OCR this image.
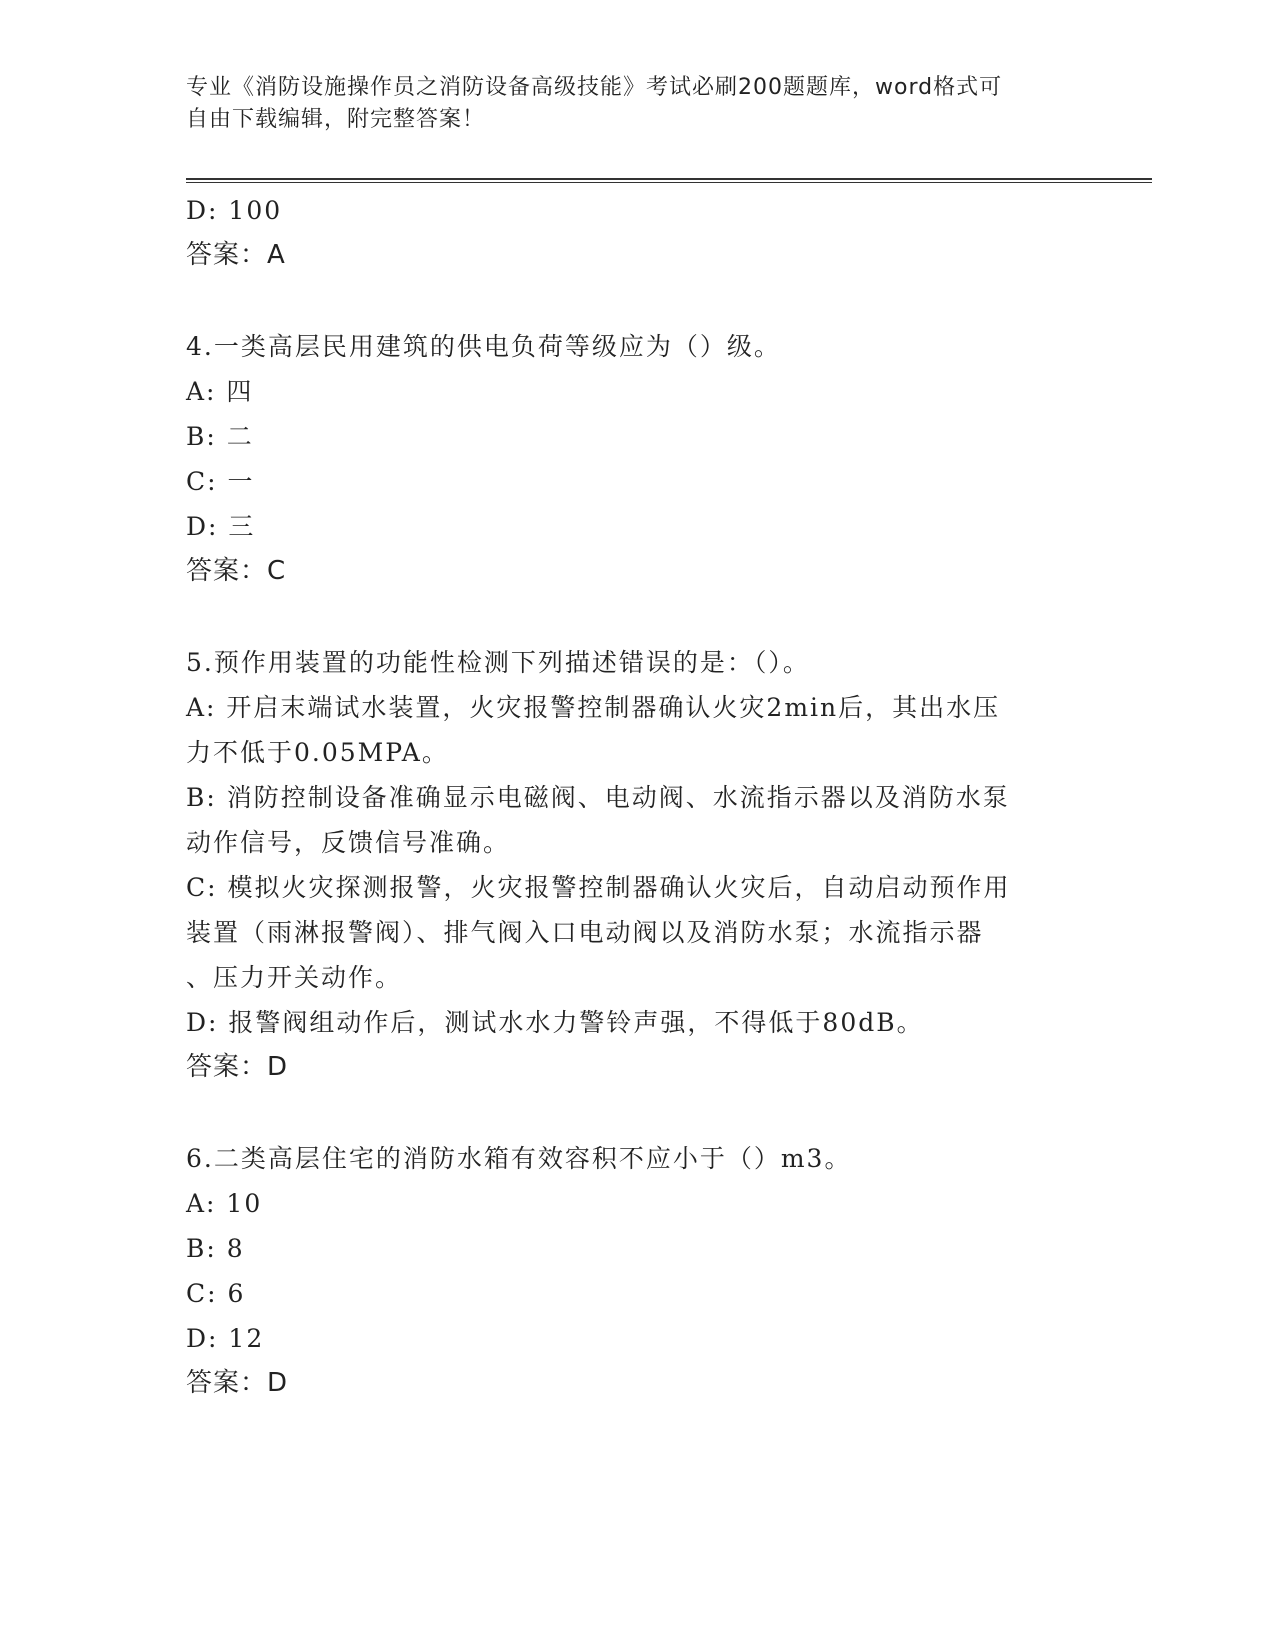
专业《消防设施操作员之消防设备高级技能》考试必刷200题题库，word格式可
自由下载编辑，附完整答案！
D: 100
答案：A
4.一类高层民用建筑的供电负荷等级应为（）级。
A: 四
B: 二
C: 一
D: 三
答案：C
5.预作用装置的功能性检测下列描述错误的是：（）。
A: 开启末端试水装置，火灾报警控制器确认火灾2min后，其出水压
力不低于0.05MPA。
B: 消防控制设备准确显示电磁阀、电动阀、水流指示器以及消防水泵
动作信号，反馈信号准确。
C: 模拟火灾探测报警，火灾报警控制器确认火灾后，自动启动预作用
装置（雨淋报警阀）、排气阀入口电动阀以及消防水泵；水流指示器
、压力开关动作。
D: 报警阀组动作后，测试水水力警铃声强，不得低于80dB。
答案：D
6.二类高层住宅的消防水箱有效容积不应小于（）m3。
A: 10
B: 8
C: 6
D: 12
答案：D
